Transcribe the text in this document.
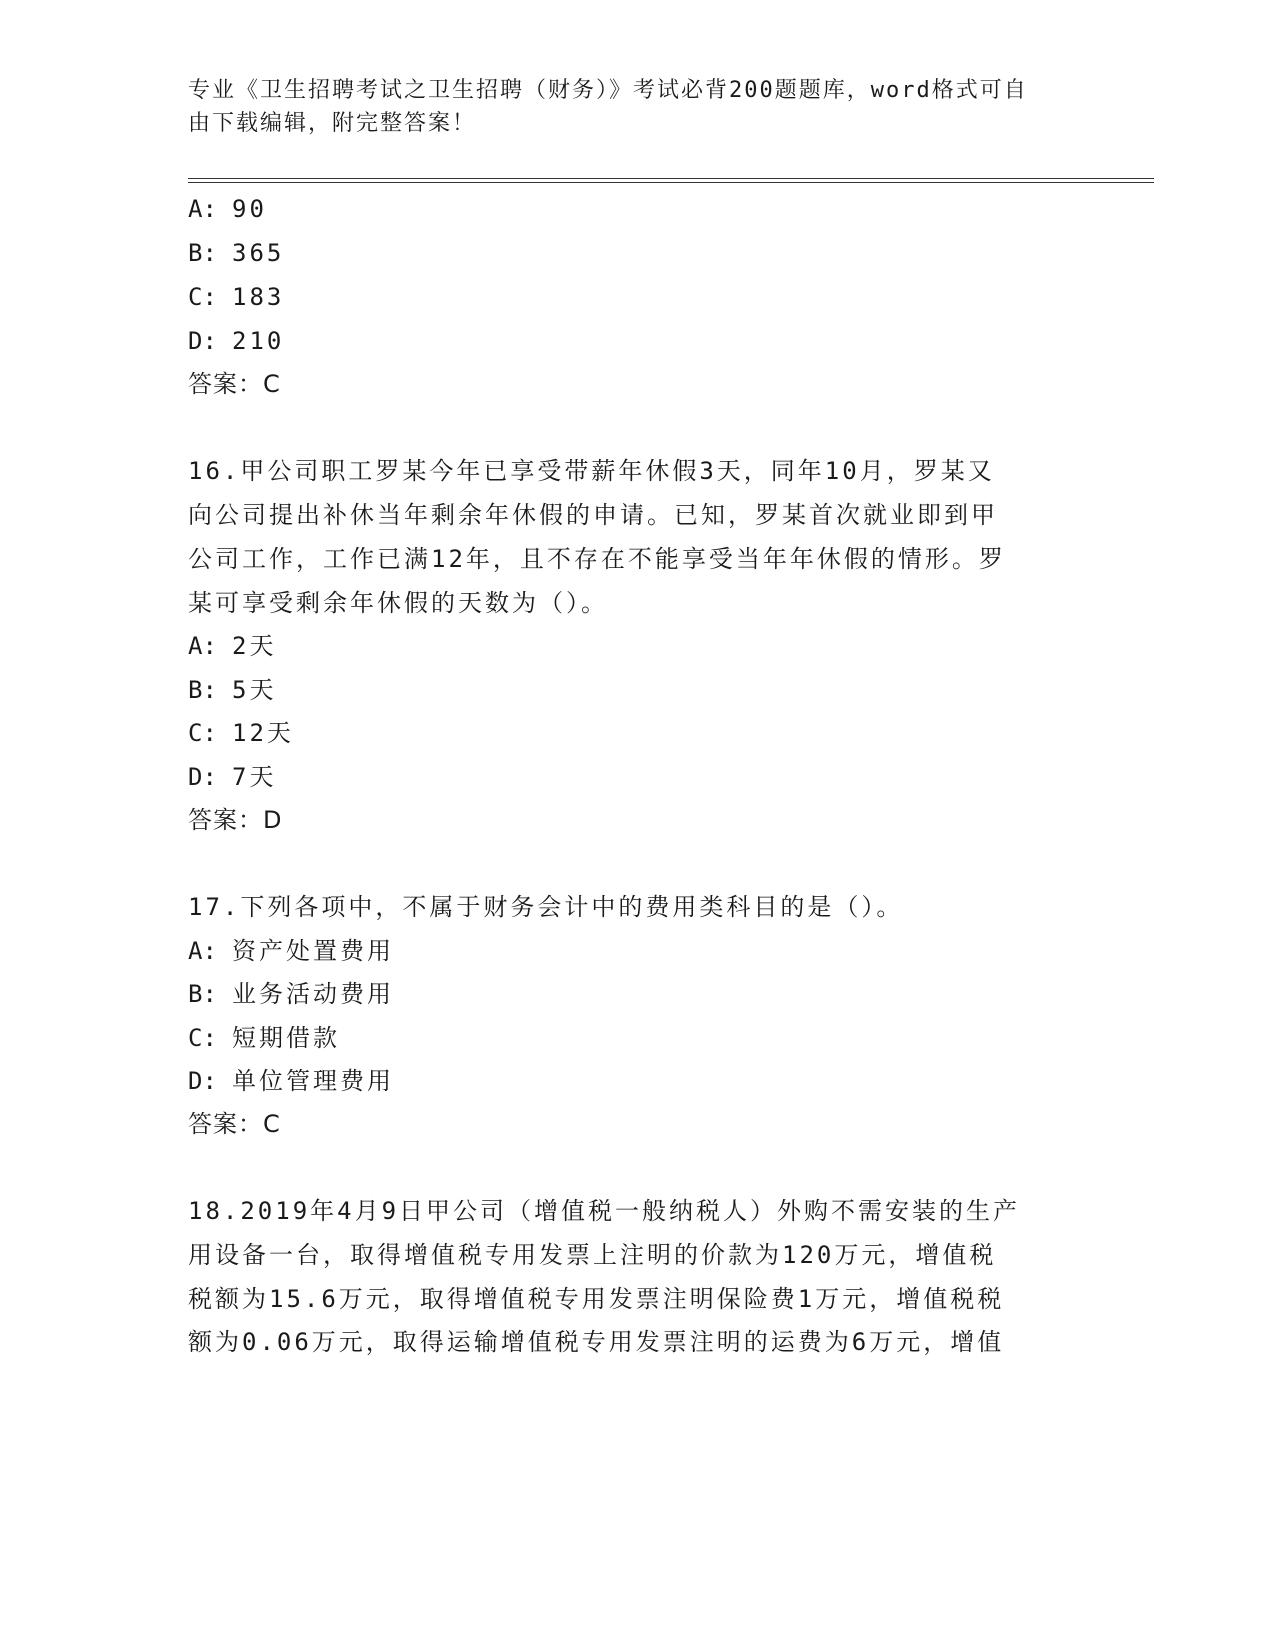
专业《卫生招聘考试之卫生招聘（财务）》考试必背200题题库，word格式可自
由下载编辑，附完整答案！
A: 90
B: 365
C: 183
D: 210
答案：C
16.甲公司职工罗某今年已享受带薪年休假3天，同年10月，罗某又
向公司提出补休当年剩余年休假的申请。已知，罗某首次就业即到甲
公司工作，工作已满12年，且不存在不能享受当年年休假的情形。罗
某可享受剩余年休假的天数为（）。
A: 2天
B: 5天
C: 12天
D: 7天
答案：D
17.下列各项中，不属于财务会计中的费用类科目的是（）。
A: 资产处置费用
B: 业务活动费用
C: 短期借款
D: 单位管理费用
答案：C
18.2019年4月9日甲公司（增值税一般纳税人）外购不需安装的生产
用设备一台，取得增值税专用发票上注明的价款为120万元，增值税
税额为15.6万元，取得增值税专用发票注明保险费1万元，增值税税
额为0.06万元，取得运输增值税专用发票注明的运费为6万元，增值
